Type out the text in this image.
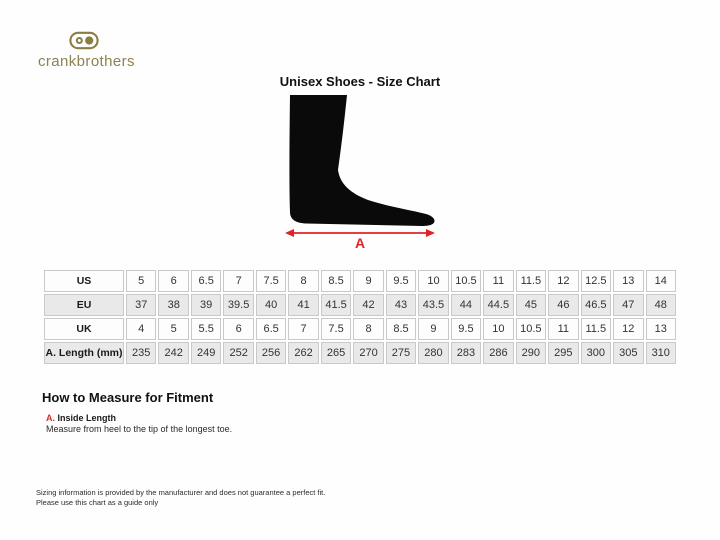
crankbrothers
Unisex Shoes - Size Chart
A
US	5	6	6.5	7	7.5	8	8.5	9	9.5	10	10.5	11	11.5	12	12.5	13	14
EU	37	38	39	39.5	40	41	41.5	42	43	43.5	44	44.5	45	46	46.5	47	48
UK	4	5	5.5	6	6.5	7	7.5	8	8.5	9	9.5	10	10.5	11	11.5	12	13
A. Length (mm)	235	242	249	252	256	262	265	270	275	280	283	286	290	295	300	305	310
How to Measure for Fitment
A. Inside Length
Measure from heel to the tip of the longest toe.
Sizing information is provided by the manufacturer and does not guarantee a perfect fit.
Please use this chart as a guide only
